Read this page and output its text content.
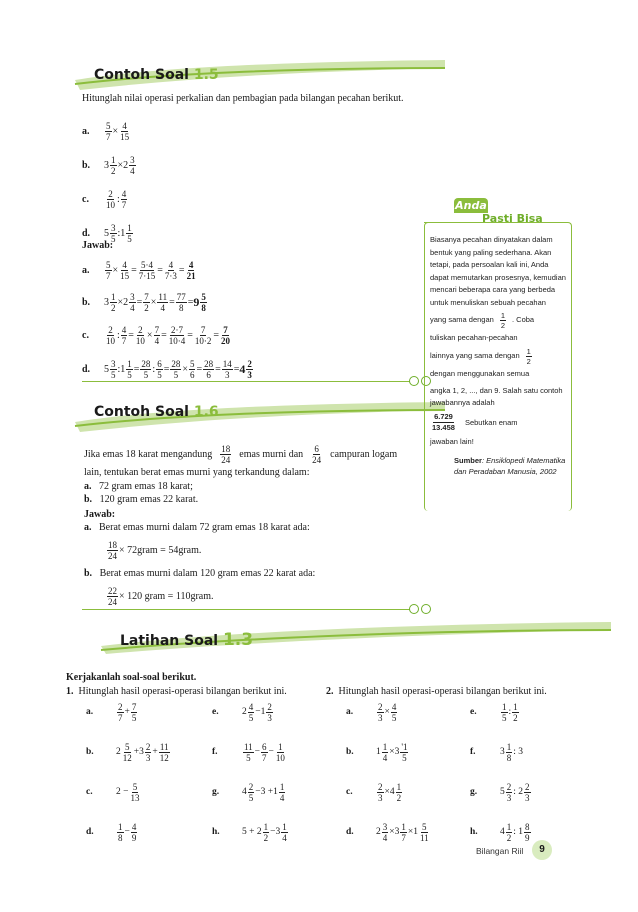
Contoh Soal 1.5
Hitunglah nilai operasi perkalian dan pembagian pada bilangan pecahan berikut.
a.	$\frac{5}{7} \times \frac{4}{15}$
b.	$3 \frac{1}{2} \times 2 \frac{3}{4}$
c.	$\frac{2}{10}$ : $\frac{4}{7}$
d.	$5 \frac{3}{5}$ :1 $\frac{1}{5}$
Jawab:
a.	$\frac{5}{7} \times \frac{4}{15} = \frac{5\cdot 4}{7\cdot 15} = \frac{4}{7\cdot 3} = \frac{4}{21}$
b.	$3 \frac{1}{2} \times 2 \frac{3}{4} = \frac{7}{2} \times \frac{11}{4} = \frac{77}{8} = 9 \frac{5}{8}$
c.	$\frac{2}{10}$ : $\frac{4}{7} = \frac{2}{10} \times \frac{7}{4} = \frac{2\cdot 7}{10\cdot 4} = \frac{7}{10\cdot 2} = \frac{7}{20}$
d.	$5 \frac{3}{5}$ :1 $\frac{1}{5} = \frac{28}{5}$ : $\frac{6}{5} = \frac{28}{5} \times \frac{5}{6} = \frac{28}{6} = \frac{14}{3} = 4 \frac{2}{3}$
Contoh Soal 1.6
Jika emas 18 karat mengandung $\frac{18}{24}$ emas murni dan $\frac{6}{24}$ campuran logam
lain, tentukan berat emas murni yang terkandung dalam:
a. 72 gram emas 18 karat;
b. 120 gram emas 22 karat.
Jawab:
a. Berat emas murni dalam 72 gram emas 18 karat ada:
$\frac{18}{24}$ × 72gram = 54gram.
b. Berat emas murni dalam 120 gram emas 22 karat ada:
$\frac{22}{24} \times 120$ gram = 110gram.
Anda
Pasti Bisa
Biasanya pecahan dinyatakan dalam bentuk yang paling sederhana. Akan tetapi, pada persoalan kali ini, Anda dapat memutarkan prosesnya, kemudian mencari beberapa cara yang berbeda untuk menuliskan sebuah pecahan
yang sama dengan $\frac{1}{2}$ . Coba
tuliskan pecahan-pecahan
lainnya yang sama dengan $\frac{1}{2}$
dengan menggunakan semua
angka 1, 2, ..., dan 9. Salah satu contoh jawabannya adalah
$\frac{6.729}{13.458}$ Sebutkan enam
jawaban lain!
Sumber: Ensiklopedi Matematika dan Peradaban Manusia, 2002
Latihan Soal 1.3
Kerjakanlah soal-soal berikut.
1. Hitunglah hasil operasi-operasi bilangan berikut ini.	2. Hitunglah hasil operasi-operasi bilangan berikut ini.
a.	$\frac{2}{7} + \frac{7}{5}$
b.	$2 \frac{5}{12} +3 \frac{2}{3} + \frac{11}{12}$
c.	$2 - \frac{5}{13}$
d.	$\frac{1}{8} - \frac{4}{9}$
e.	$2 \frac{4}{5} -1 \frac{2}{3}$
f.	$\frac{11}{5} - \frac{6}{7} - \frac{1}{10}$
g.	$4 \frac{2}{5} -3 +1 \frac{1}{4}$
h.	$5 + 2 \frac{1}{2} -3 \frac{1}{4}$
a.	$\frac{2}{3} \times \frac{4}{5}$
b.	$1 \frac{1}{4} \times 3 \frac{'1}{5}$
c.	$\frac{2}{3} \times 4 \frac{1}{2}$
d.	$2 \frac{3}{4} \times 3 \frac{1}{7} \times 1 \frac{5}{11}$
e.	$\frac{1}{5}$ : $\frac{1}{2}$
f.	$3 \frac{1}{8}$ : 3
g.	$5 \frac{2}{3}$ : $2 \frac{2}{3}$
h.	$4 \frac{1}{2}$ : $1 \frac{8}{9}$
Bilangan Riil	9
